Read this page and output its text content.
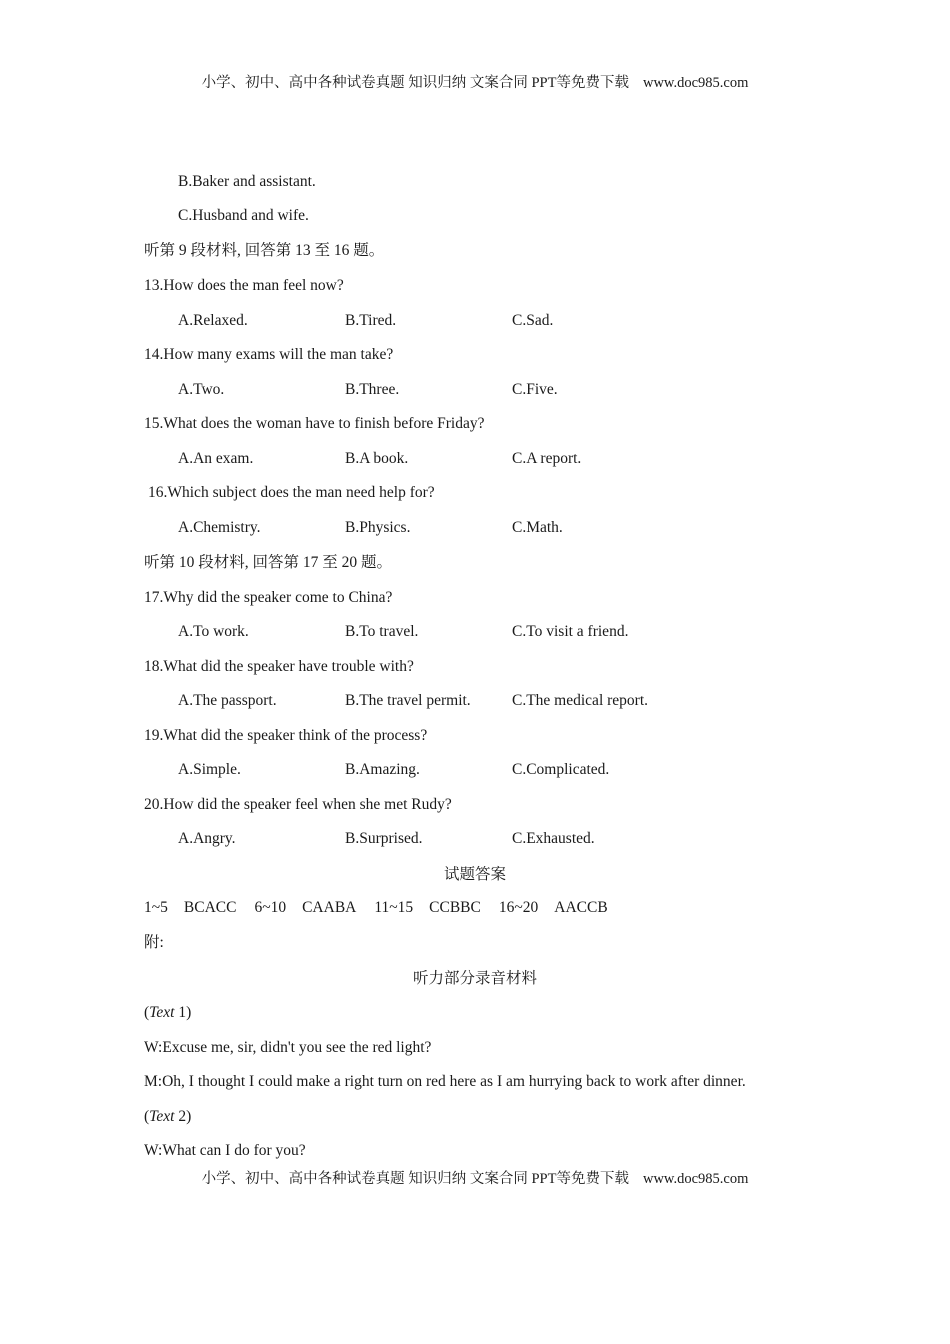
小学、初中、高中各种试卷真题 知识归纳 文案合同 PPT等免费下载 www.doc985.com
B.Baker and assistant.
C.Husband and wife.
听第 9 段材料, 回答第 13 至 16 题。
13.How does the man feel now?
A.Relaxed.	B.Tired.	C.Sad.
14.How many exams will the man take?
A.Two.	B.Three.	C.Five.
15.What does the woman have to finish before Friday?
A.An exam.	B.A book.	C.A report.
16.Which subject does the man need help for?
A.Chemistry.	B.Physics.	C.Math.
听第 10 段材料, 回答第 17 至 20 题。
17.Why did the speaker come to China?
A.To work.	B.To travel.	C.To visit a friend.
18.What did the speaker have trouble with?
A.The passport.	B.The travel permit.	C.The medical report.
19.What did the speaker think of the process?
A.Simple.	B.Amazing.	C.Complicated.
20.How did the speaker feel when she met Rudy?
A.Angry.	B.Surprised.	C.Exhausted.
试题答案
1~5 BCACC 6~10 CAABA 11~15 CCBBC 16~20 AACCB
附:
听力部分录音材料
(Text 1)
W:Excuse me, sir, didn't you see the red light?
M:Oh, I thought I could make a right turn on red here as I am hurrying back to work after dinner.
(Text 2)
W:What can I do for you?
小学、初中、高中各种试卷真题 知识归纳 文案合同 PPT等免费下载 www.doc985.com
